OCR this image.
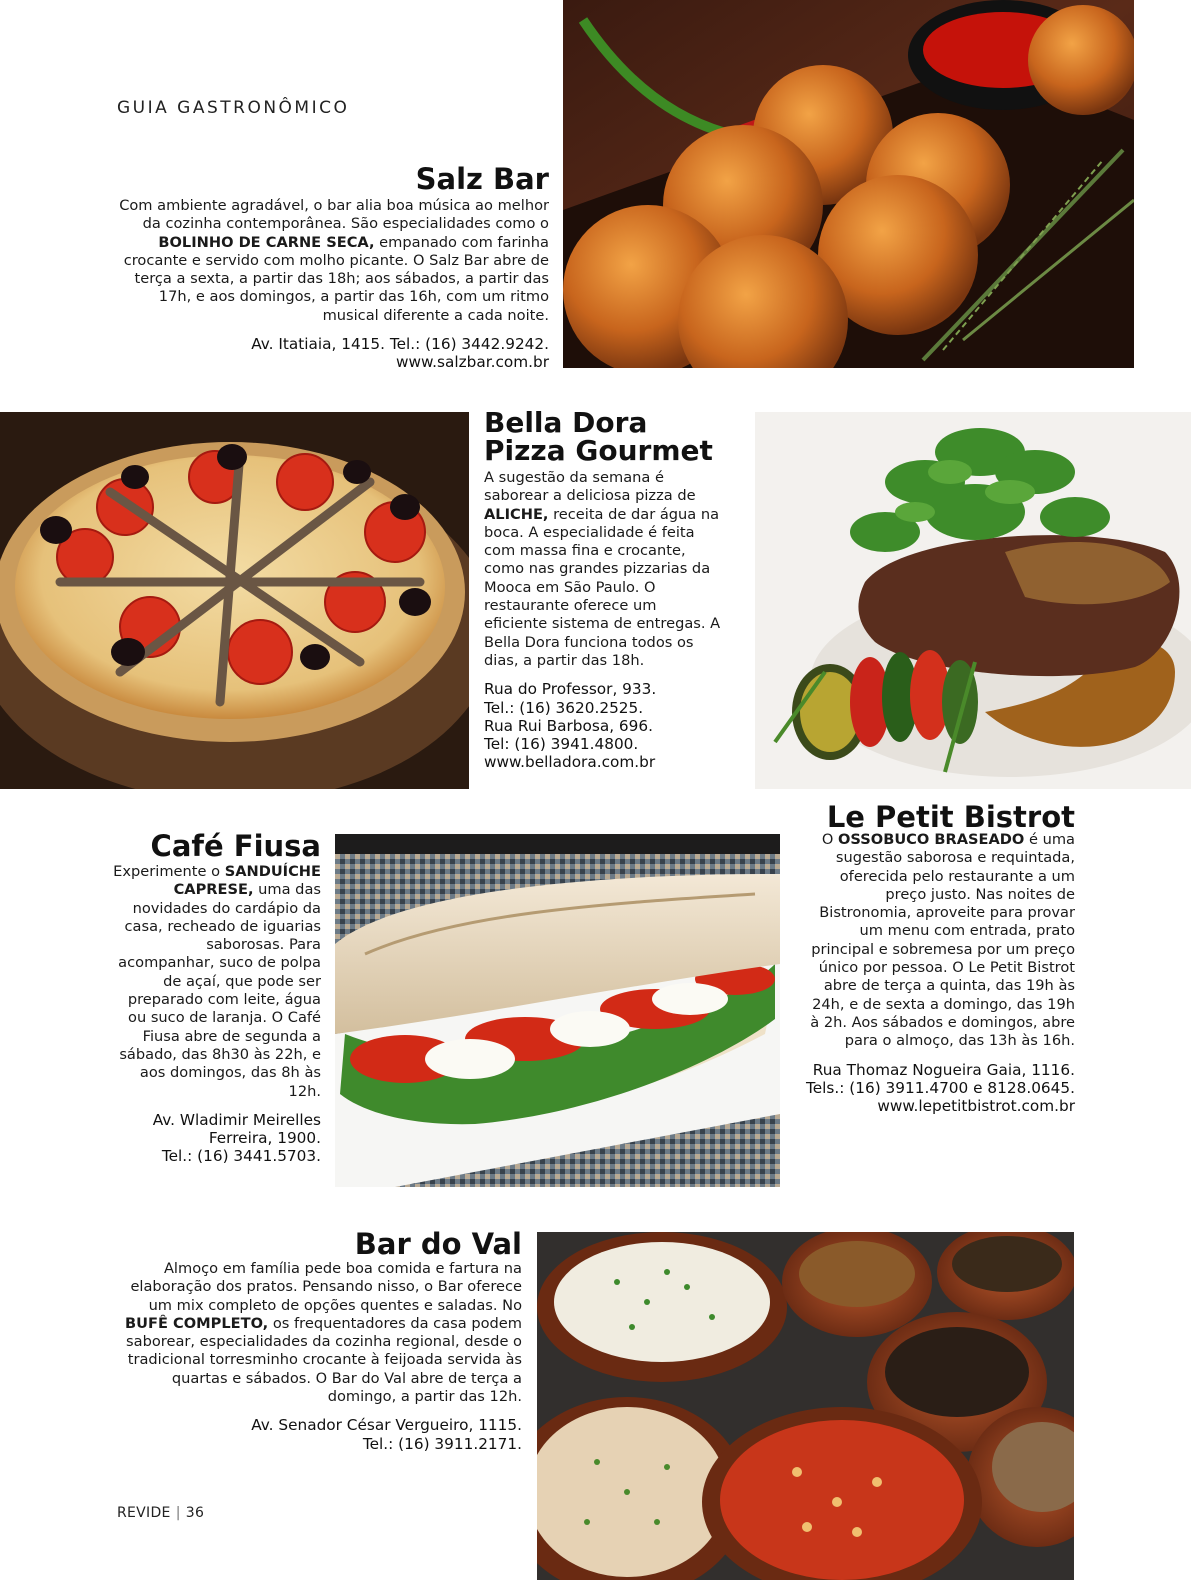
GUIA GASTRONÔMICO
Salz Bar

Com ambiente agradável, o bar alia boa música ao melhor da cozinha contemporânea. São especialidades como o BOLINHO DE CARNE SECA, empanado com farinha crocante e servido com molho picante. O Salz Bar abre de terça a sexta, a partir das 18h; aos sábados, a partir das 17h, e aos domingos, a partir das 16h, com um ritmo musical diferente a cada noite.

Av. Itatiaia, 1415. Tel.: (16) 3442.9242.
www.salzbar.com.br

Bella Dora
Pizza Gourmet

A sugestão da semana é saborear a deliciosa pizza de ALICHE, receita de dar água na boca. A especialidade é feita com massa fina e crocante, como nas grandes pizzarias da Mooca em São Paulo. O restaurante oferece um eficiente sistema de entregas. A Bella Dora funciona todos os dias, a partir das 18h.

Rua do Professor, 933.
Tel.: (16) 3620.2525.
Rua Rui Barbosa, 696.
Tel: (16) 3941.4800.
www.belladora.com.br

Café Fiusa

Experimente o SANDUÍCHE CAPRESE, uma das novidades do cardápio da casa, recheado de iguarias saborosas. Para acompanhar, suco de polpa de açaí, que pode ser preparado com leite, água ou suco de laranja. O Café Fiusa abre de segunda a sábado, das 8h30 às 22h, e aos domingos, das 8h às 12h.

Av. Wladimir Meirelles Ferreira, 1900.
Tel.: (16) 3441.5703.

Le Petit Bistrot

O OSSOBUCO BRASEADO é uma sugestão saborosa e requintada, oferecida pelo restaurante a um preço justo. Nas noites de Bistronomia, aproveite para provar um menu com entrada, prato principal e sobremesa por um preço único por pessoa. O Le Petit Bistrot abre de terça a quinta, das 19h às 24h, e de sexta a domingo, das 19h à 2h. Aos sábados e domingos, abre para o almoço, das 13h às 16h.

Rua Thomaz Nogueira Gaia, 1116.
Tels.: (16) 3911.4700 e 8128.0645.
www.lepetitbistrot.com.br

Bar do Val

Almoço em família pede boa comida e fartura na elaboração dos pratos. Pensando nisso, o Bar oferece um mix completo de opções quentes e saladas. No BUFÊ COMPLETO, os frequentadores da casa podem saborear, especialidades da cozinha regional, desde o tradicional torresminho crocante à feijoada servida às quartas e sábados. O Bar do Val abre de terça a domingo, a partir das 12h.

Av. Senador César Vergueiro, 1115.
Tel.: (16) 3911.2171.

REVIDE | 36
